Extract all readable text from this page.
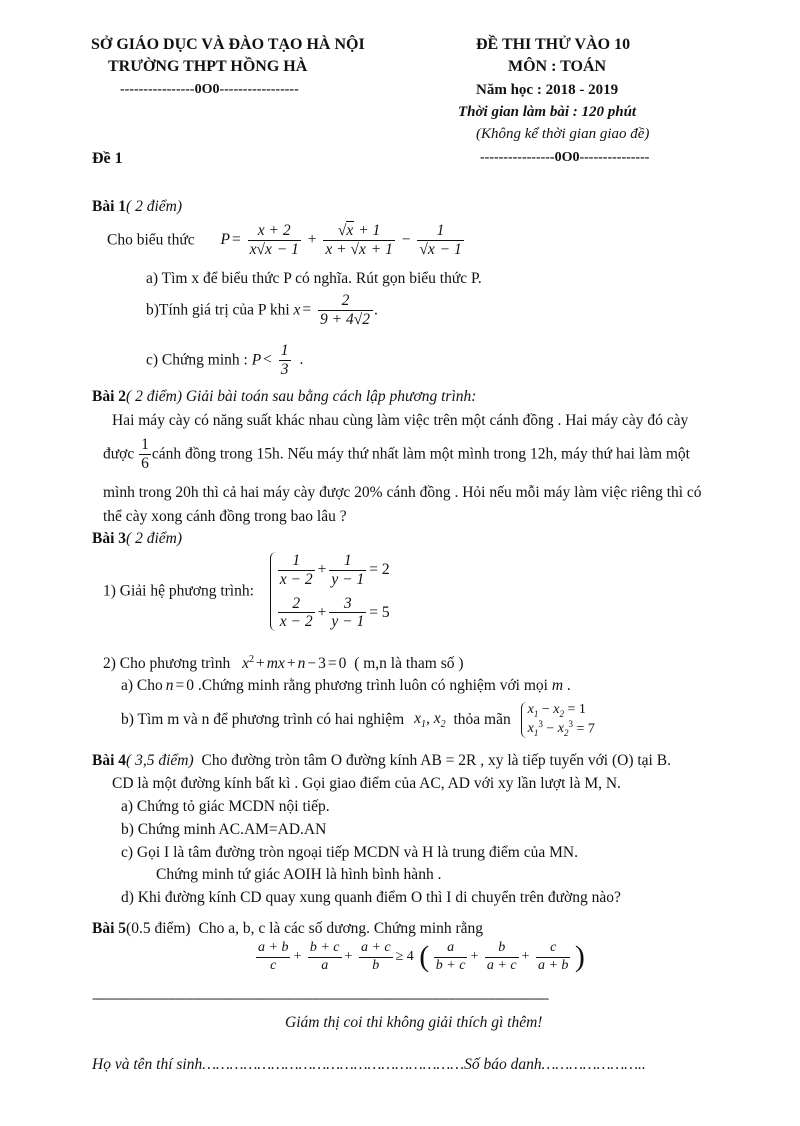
SỞ GIÁO DỤC VÀ ĐÀO TẠO HÀ NỘI
TRƯỜNG THPT HỒNG HÀ
----------------0O0-----------------
ĐỀ THI THỬ VÀO 10
MÔN : TOÁN
Năm học : 2018 - 2019
Thời gian làm bài : 120 phút
(Không kể thời gian giao đề)
Đề 1	----------------0O0---------------
Bài 1( 2 điểm)
Cho biểu thức $P = \frac{x + 2}{x√x - 1} + \frac{√x + 1}{x + √x + 1} - \frac{1}{√x - 1}$
a) Tìm x để biểu thức P có nghĩa. Rút gọn biểu thức P.
b)Tính giá trị của P khi $x = \frac{2}{9 + 4√2}$ .
c) Chứng minh : $P < \frac{1}{3}$ .
Bài 2( 2 điểm) Giải bài toán sau bằng cách lập phương trình:
Hai máy cày có năng suất khác nhau cùng làm việc trên một cánh đồng . Hai máy cày đó cày
được $\frac{1}{6}$ cánh đồng trong 15h. Nếu máy thứ nhất làm một mình trong 12h, máy thứ hai làm một
mình trong 20h thì cả hai máy cày được 20% cánh đồng . Hỏi nếu mỗi máy làm việc riêng thì có
thể cày xong cánh đồng trong bao lâu ?
Bài 3( 2 điểm)
1) Giải hệ phương trình:
$\frac{1}{x - 2} + \frac{1}{y - 1} = 2$
$\frac{2}{x - 2} + \frac{3}{y - 1} = 5$
2) Cho phương trình $x^2$ + mx + n − 3 = 0 ( m,n là tham số )
a) Cho n = 0 .Chứng minh rằng phương trình luôn có nghiệm với mọi m .
b) Tìm m và n để phương trình có hai nghiệm $x_1$, $x_2$ thỏa mãn
$x_1 - x_2 = 1$
$x_1^3 - x_2^3 = 7$
Bài 4( 3,5 điểm) Cho đường tròn tâm O đường kính AB = 2R , xy là tiếp tuyến với (O) tại B.
CD là một đường kính bất kì . Gọi giao điểm của AC, AD với xy lần lượt là M, N.
a) Chứng tỏ giác MCDN nội tiếp.
b) Chứng minh AC.AM=AD.AN
c) Gọi I là tâm đường tròn ngoại tiếp MCDN và H là trung điểm của MN.
Chứng minh tứ giác AOIH là hình bình hành .
d) Khi đường kính CD quay xung quanh điểm O thì I di chuyển trên đường nào?
Bài 5(0.5 điểm) Cho a, b, c là các số dương. Chứng minh rằng
$\frac{a + b}{c} + \frac{b + c}{a} + \frac{a + c}{b} \ge 4$ ( $\frac{a}{b + c} + \frac{b}{a + c} + \frac{c}{a + b}$ )
-----------------------------------------------------------------------------------------------------------------------------------------
Giám thị coi thi không giải thích gì thêm!
Họ và tên thí sinh…………………………………………………Số báo danh…………………..
